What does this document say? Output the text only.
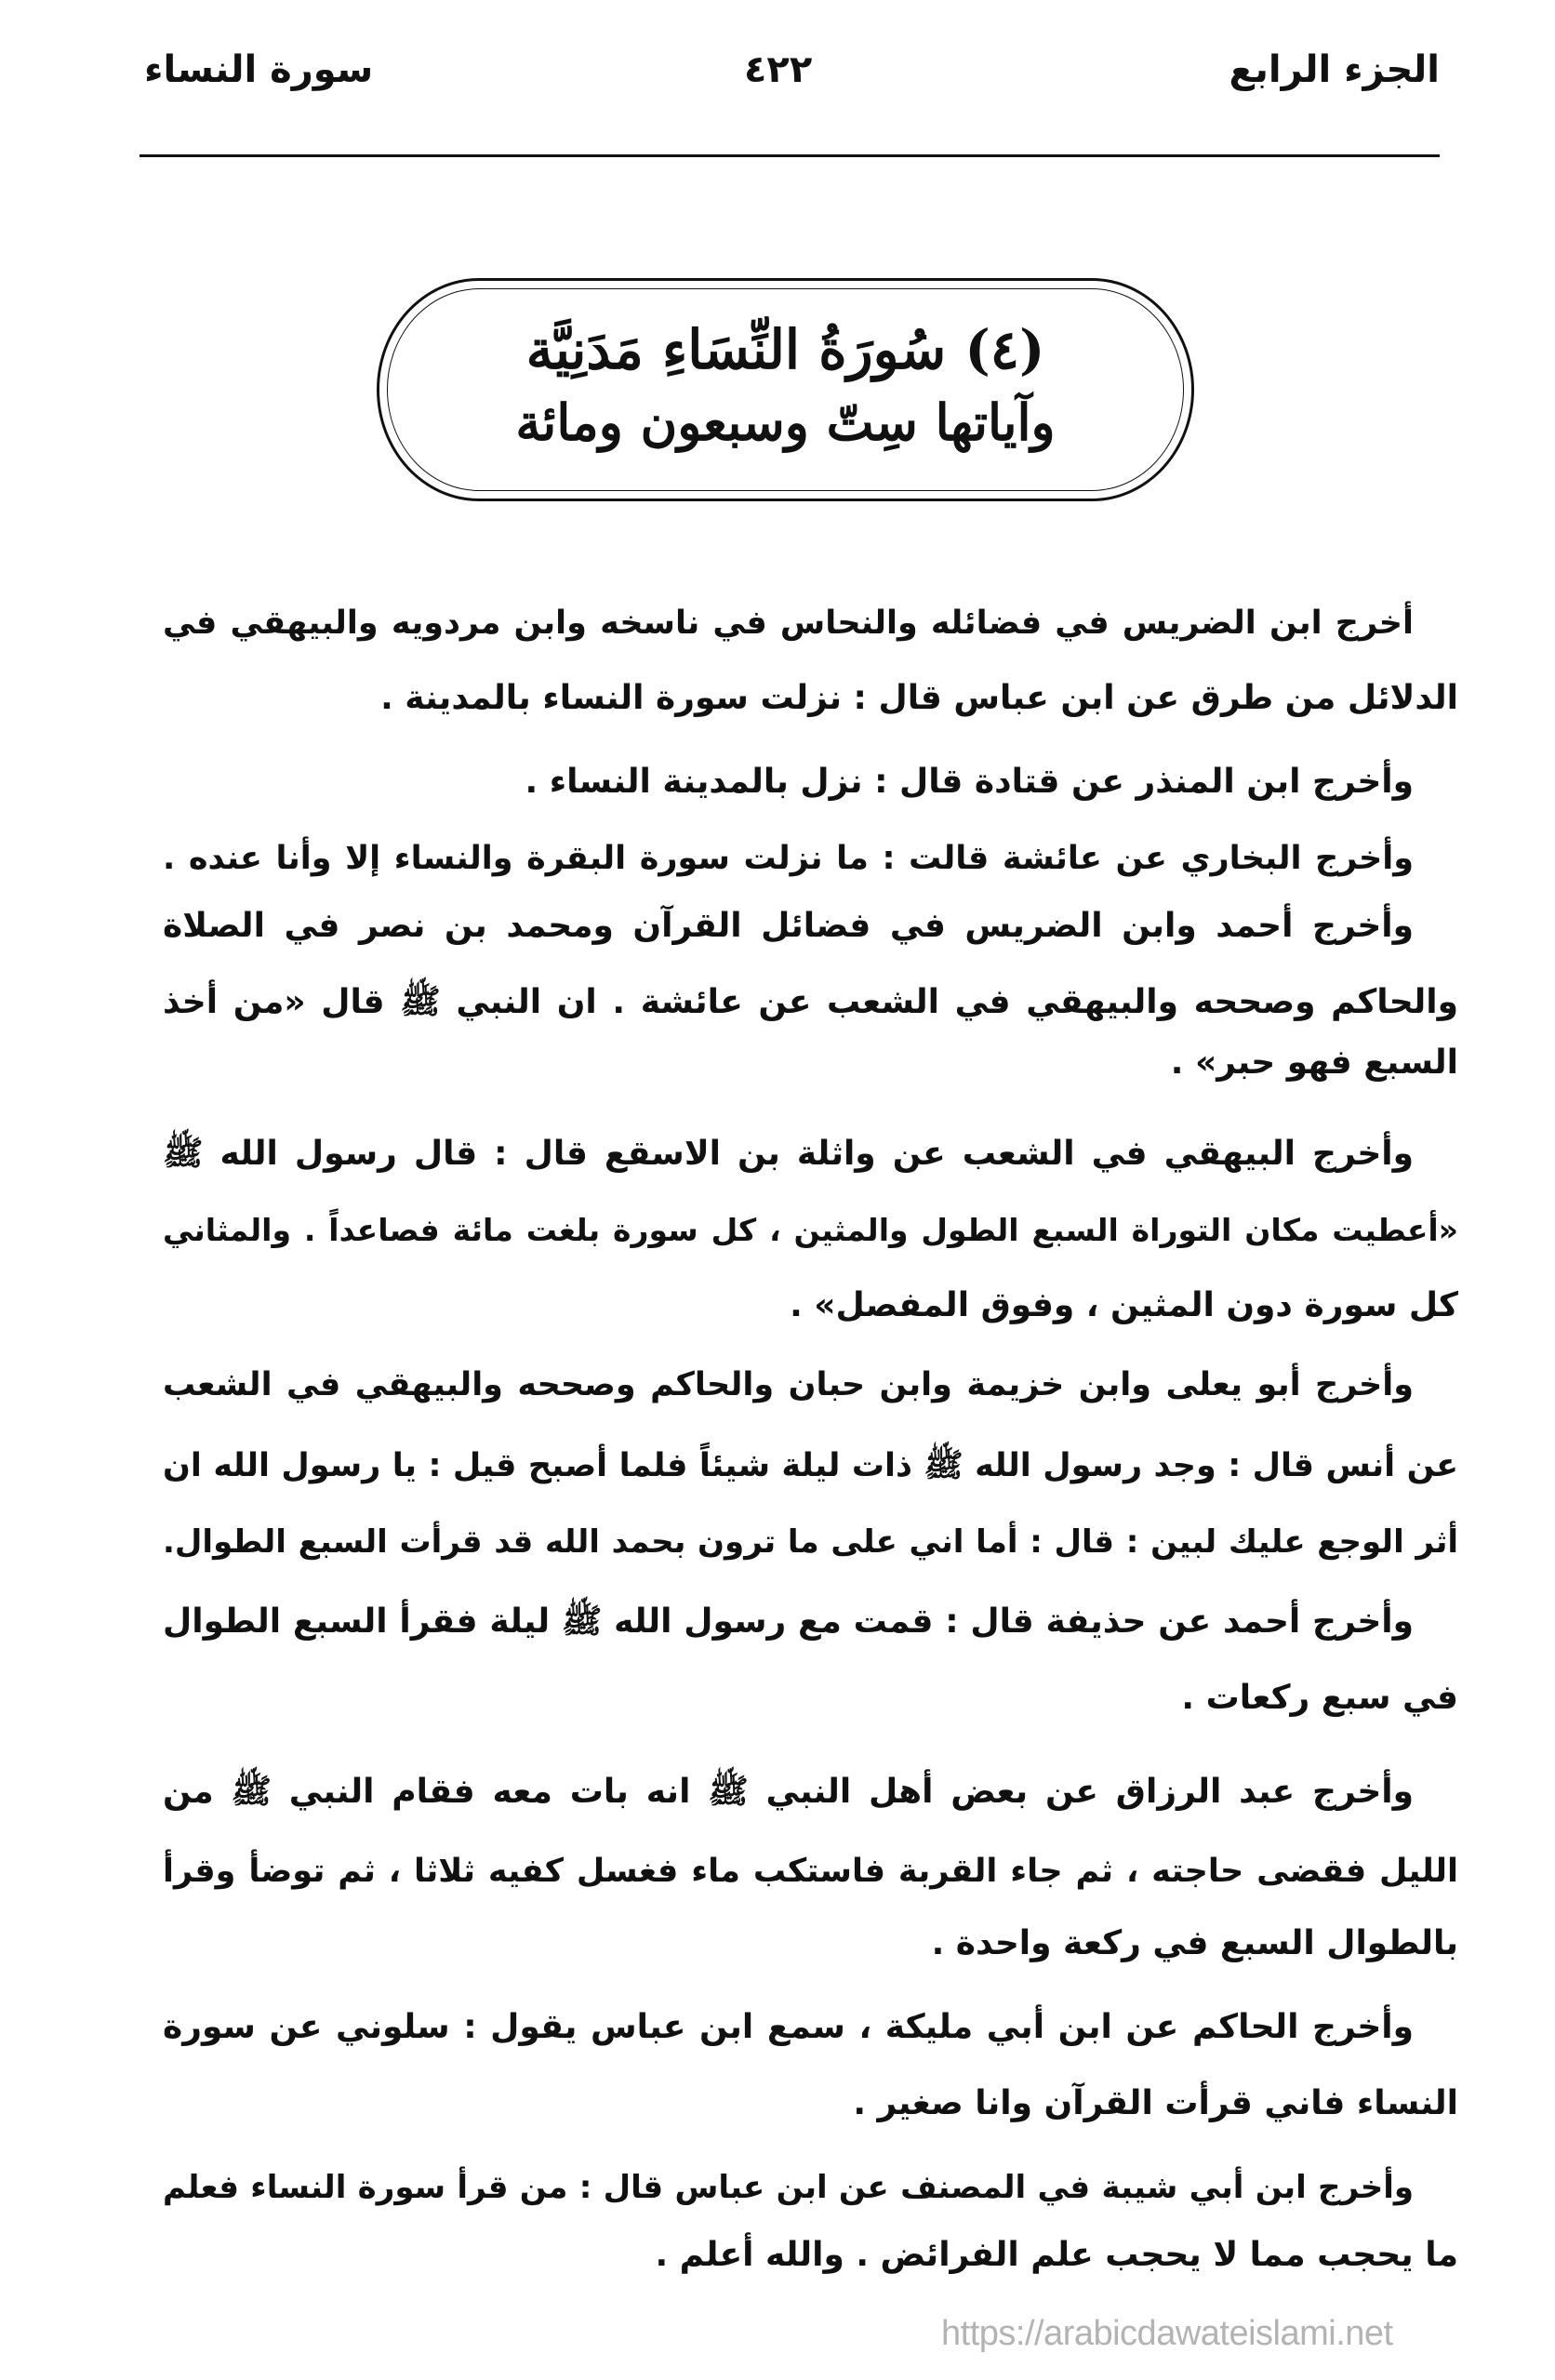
الجزء الرابع
٤٢٢
سورة النساء
(٤) سُورَةُ النِّسَاءِ مَدَنِيَّة
وآياتها سِتّ وسبعون ومائة
أخرج ابن الضريس في فضائله والنحاس في ناسخه وابن مردويه والبيهقي في
الدلائل من طرق عن ابن عباس قال : نزلت سورة النساء بالمدينة .
وأخرج ابن المنذر عن قتادة قال : نزل بالمدينة النساء .
وأخرج البخاري عن عائشة قالت : ما نزلت سورة البقرة والنساء إلا وأنا عنده .
وأخرج أحمد وابن الضريس في فضائل القرآن ومحمد بن نصر في الصلاة
والحاكم وصححه والبيهقي في الشعب عن عائشة . ان النبي ﷺ قال «من أخذ
السبع فهو حبر» .
وأخرج البيهقي في الشعب عن واثلة بن الاسقع قال : قال رسول الله ﷺ
«أعطيت مكان التوراة السبع الطول والمثين ، كل سورة بلغت مائة فصاعداً . والمثاني
كل سورة دون المثين ، وفوق المفصل» .
وأخرج أبو يعلى وابن خزيمة وابن حبان والحاكم وصححه والبيهقي في الشعب
عن أنس قال : وجد رسول الله ﷺ ذات ليلة شيئاً فلما أصبح قيل : يا رسول الله ان
أثر الوجع عليك لبين : قال : أما اني على ما ترون بحمد الله قد قرأت السبع الطوال.
وأخرج أحمد عن حذيفة قال : قمت مع رسول الله ﷺ ليلة فقرأ السبع الطوال
في سبع ركعات .
وأخرج عبد الرزاق عن بعض أهل النبي ﷺ انه بات معه فقام النبي ﷺ من
الليل فقضى حاجته ، ثم جاء القربة فاستكب ماء فغسل كفيه ثلاثا ، ثم توضأ وقرأ
بالطوال السبع في ركعة واحدة .
وأخرج الحاكم عن ابن أبي مليكة ، سمع ابن عباس يقول : سلوني عن سورة
النساء فاني قرأت القرآن وانا صغير .
وأخرج ابن أبي شيبة في المصنف عن ابن عباس قال : من قرأ سورة النساء فعلم
ما يحجب مما لا يحجب علم الفرائض . والله أعلم .
https://arabicdawateislami.net
